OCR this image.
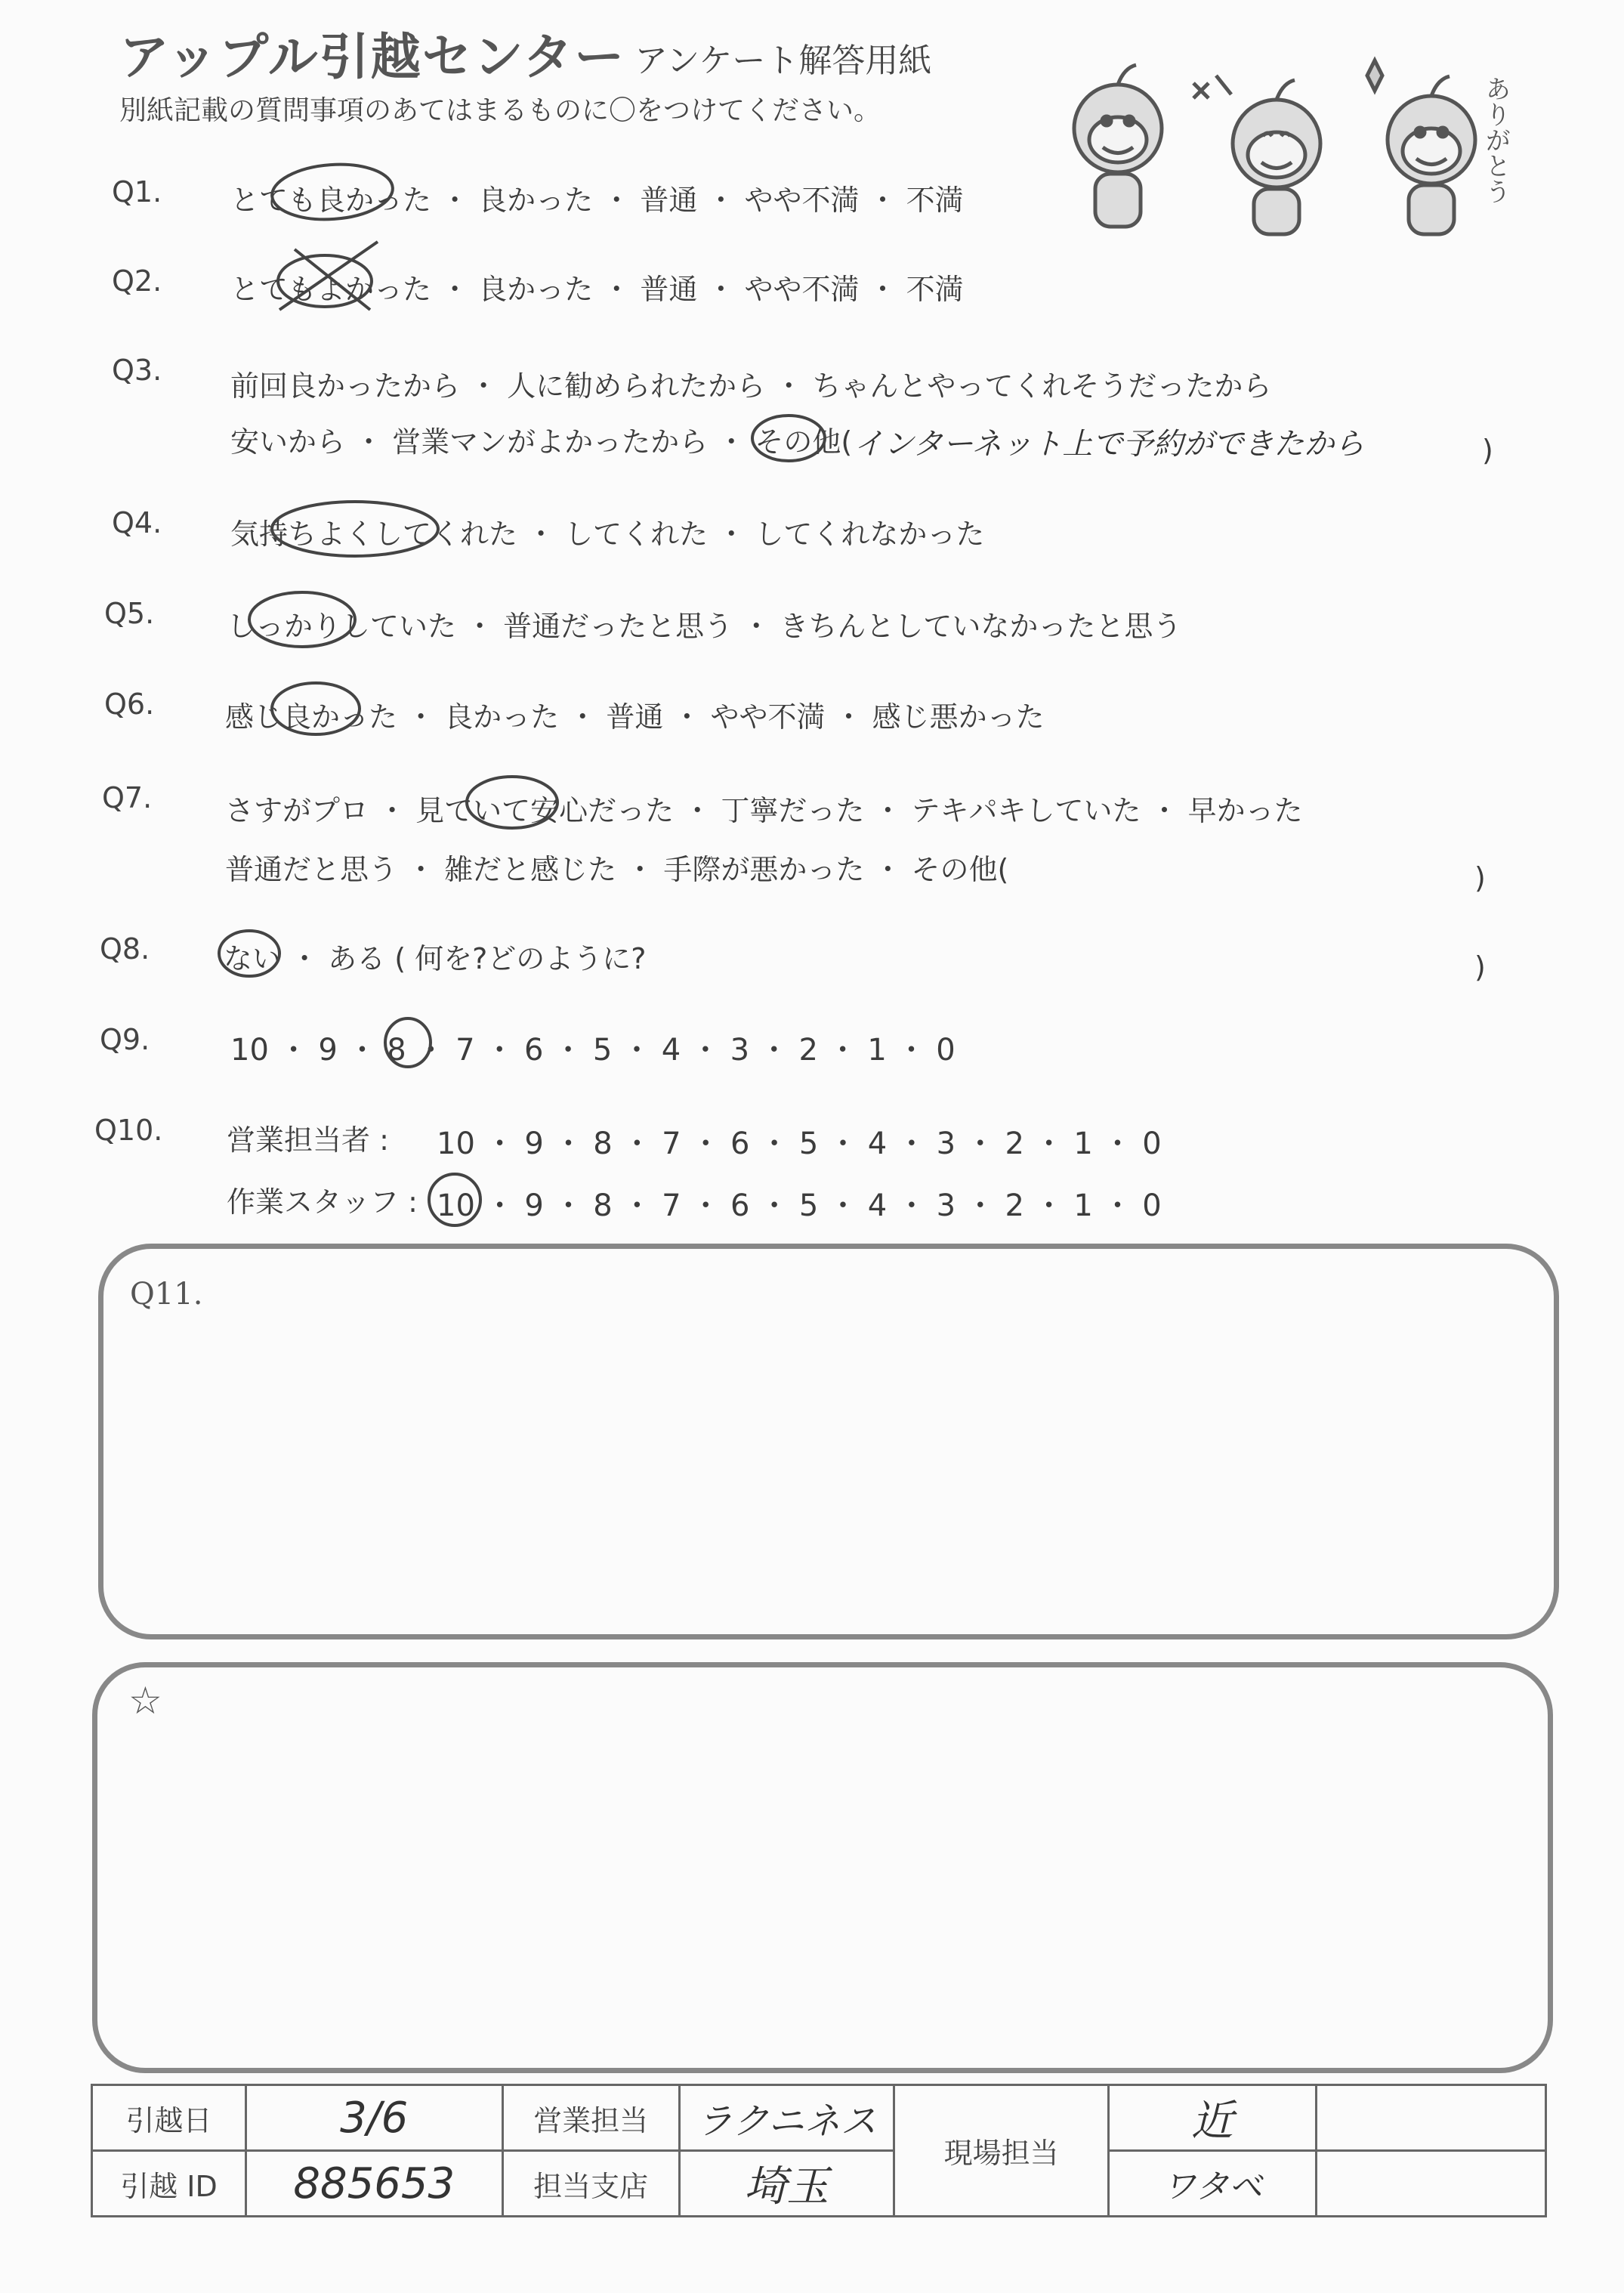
アップル引越センター アンケート解答用紙
別紙記載の質問事項のあてはまるものに〇をつけてください。	ありがとう
Q1. とても良かった ・ 良かった ・ 普通 ・ やや不満 ・ 不満
Q2. とてもよかった ・ 良かった ・ 普通 ・ やや不満 ・ 不満
Q3. 前回良かったから ・ 人に勧められたから ・ ちゃんとやってくれそうだったから
安いから ・ 営業マンがよかったから ・ その他( インターネット上で予約ができたから	)
Q4. 気持ちよくしてくれた ・ してくれた ・ してくれなかった
Q5.	しっかりしていた ・ 普通だったと思う ・ きちんとしていなかったと思う
Q6. 感じ良かった ・ 良かった ・ 普通 ・ やや不満 ・ 感じ悪かった
Q7.	さすがプロ ・ 見ていて安心だった ・ 丁寧だった ・ テキパキしていた ・ 早かった
普通だと思う ・ 雑だと感じた ・ 手際が悪かった ・ その他(	)
Q8.	ない ・ ある ( 何を?どのように?	)
Q9.	10 ・ 9 ・ 8 ・ 7 ・ 6 ・ 5 ・ 4 ・ 3 ・ 2 ・ 1 ・ 0
Q10. 営業担当者 : 10 ・ 9 ・ 8 ・ 7 ・ 6 ・ 5 ・ 4 ・ 3 ・ 2 ・ 1 ・ 0
作業スタッフ : 10 ・ 9 ・ 8 ・ 7 ・ 6 ・ 5 ・ 4 ・ 3 ・ 2 ・ 1 ・ 0
Q11.
☆
引越日	3/6	営業担当	ラクニネス	現場担当	近	
引越 ID	885653	担当支店	埼玉		ワタベ	
